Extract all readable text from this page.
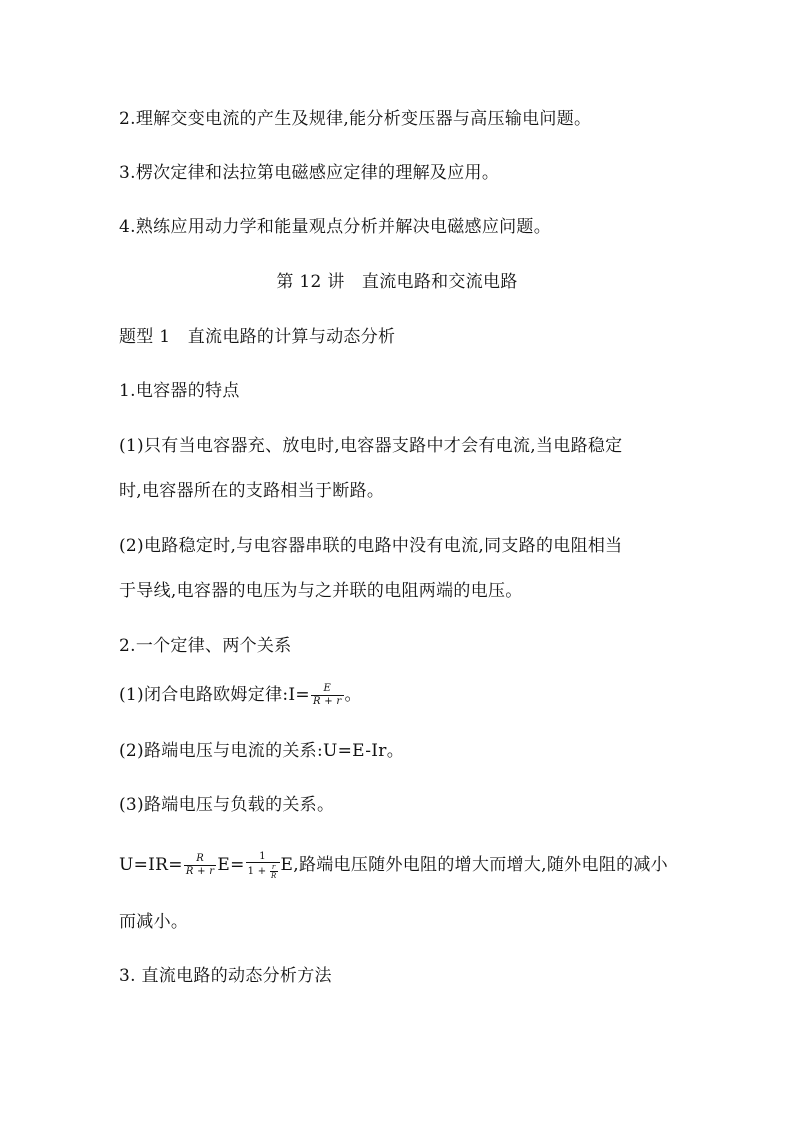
2.理解交变电流的产生及规律,能分析变压器与高压输电问题。
3.楞次定律和法拉第电磁感应定律的理解及应用。
4.熟练应用动力学和能量观点分析并解决电磁感应问题。
第 12 讲　直流电路和交流电路
题型 1　直流电路的计算与动态分析
1.电容器的特点
(1)只有当电容器充、放电时,电容器支路中才会有电流,当电路稳定
时,电容器所在的支路相当于断路。
(2)电路稳定时,与电容器串联的电路中没有电流,同支路的电阻相当
于导线,电容器的电压为与之并联的电阻两端的电压。
2.一个定律、两个关系
(1)闭合电路欧姆定律:I= $\frac{E}{R + r}$ 。
(2)路端电压与电流的关系:U=E-Ir。
(3)路端电压与负载的关系。
$U=IR= \frac{R}{R + r} E= \frac{1}{1 + \frac{r}{R}} E$,路端电压随外电阻的增大而增大,随外电阻的减小
而减小。
3. 直流电路的动态分析方法
